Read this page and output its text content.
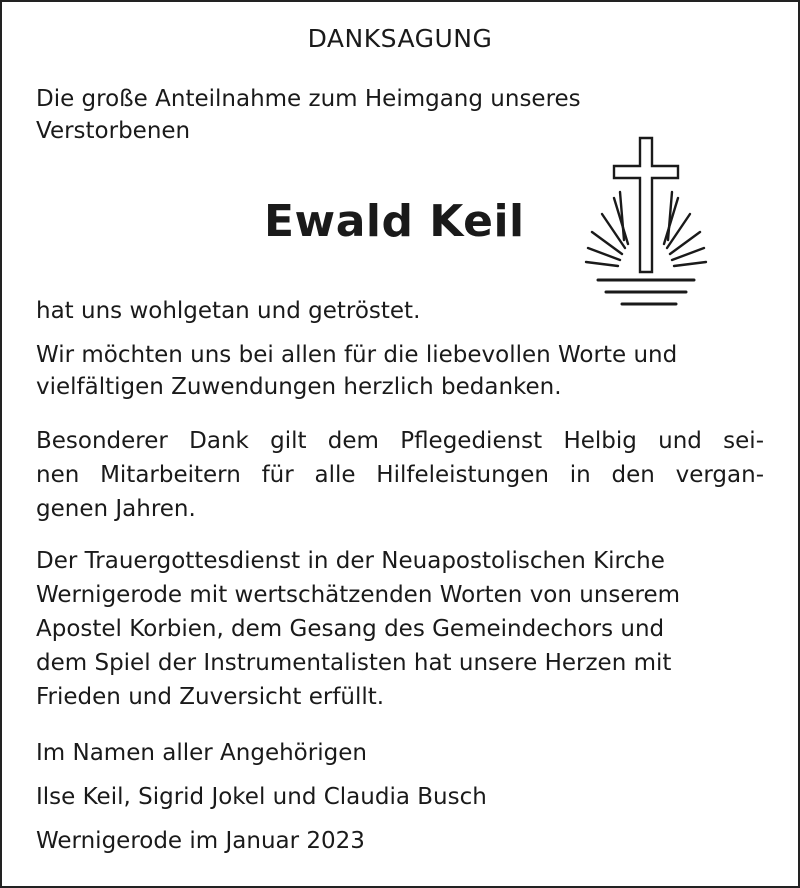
DANKSAGUNG
Die große Anteilnahme zum Heimgang unseres
Verstorbenen
Ewald Keil
hat uns wohlgetan und getröstet.
Wir möchten uns bei allen für die liebevollen Worte und
vielfältigen Zuwendungen herzlich bedanken.
Besonderer Dank gilt dem Pflegedienst Helbig und sei-
nen Mitarbeitern für alle Hilfeleistungen in den vergan-
genen Jahren.
Der Trauergottesdienst in der Neuapostolischen Kirche
Wernigerode mit wertschätzenden Worten von unserem
Apostel Korbien, dem Gesang des Gemeindechors und
dem Spiel der Instrumentalisten hat unsere Herzen mit
Frieden und Zuversicht erfüllt.
Im Namen aller Angehörigen
Ilse Keil, Sigrid Jokel und Claudia Busch
Wernigerode im Januar 2023
